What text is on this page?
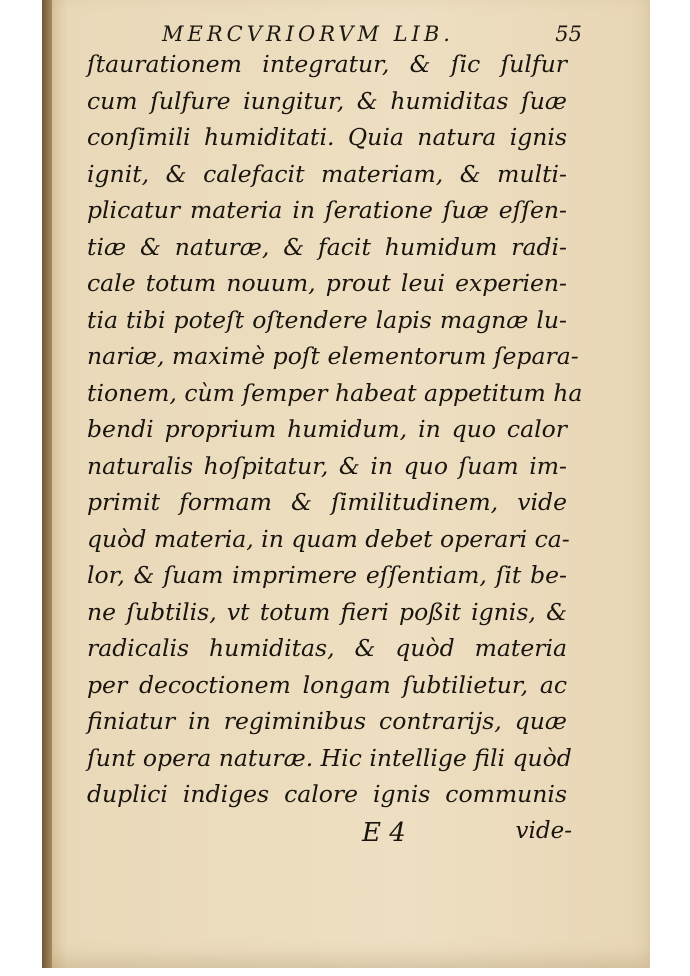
MERCVRIORVM LIB.	55
ſtaurationem integratur, & ſic ſulfur
cum ſulfure iungitur, & humiditas ſuæ
conſimili humiditati. Quia natura ignis
ignit, & calefacit materiam, & multi-
plicatur materia in ſeratione ſuæ eſſen-
tiæ & naturæ, & facit humidum radi-
cale totum nouum, prout leui experien-
tia tibi poteſt oſtendere lapis magnæ lu-
nariæ, maximè poſt elementorum ſepara-
tionem, cùm ſemper habeat appetitum ha
bendi proprium humidum, in quo calor
naturalis hoſpitatur, & in quo ſuam im-
primit formam & ſimilitudinem, vide
quòd materia, in quam debet operari ca-
lor, & ſuam imprimere eſſentiam, ſit be-
ne ſubtilis, vt totum fieri poßit ignis, &
radicalis humiditas, & quòd materia
per decoctionem longam ſubtilietur, ac
finiatur in regiminibus contrarijs, quæ
ſunt opera naturæ. Hic intellige fili quòd
duplici indiges calore ignis communis
E 4	vide-
